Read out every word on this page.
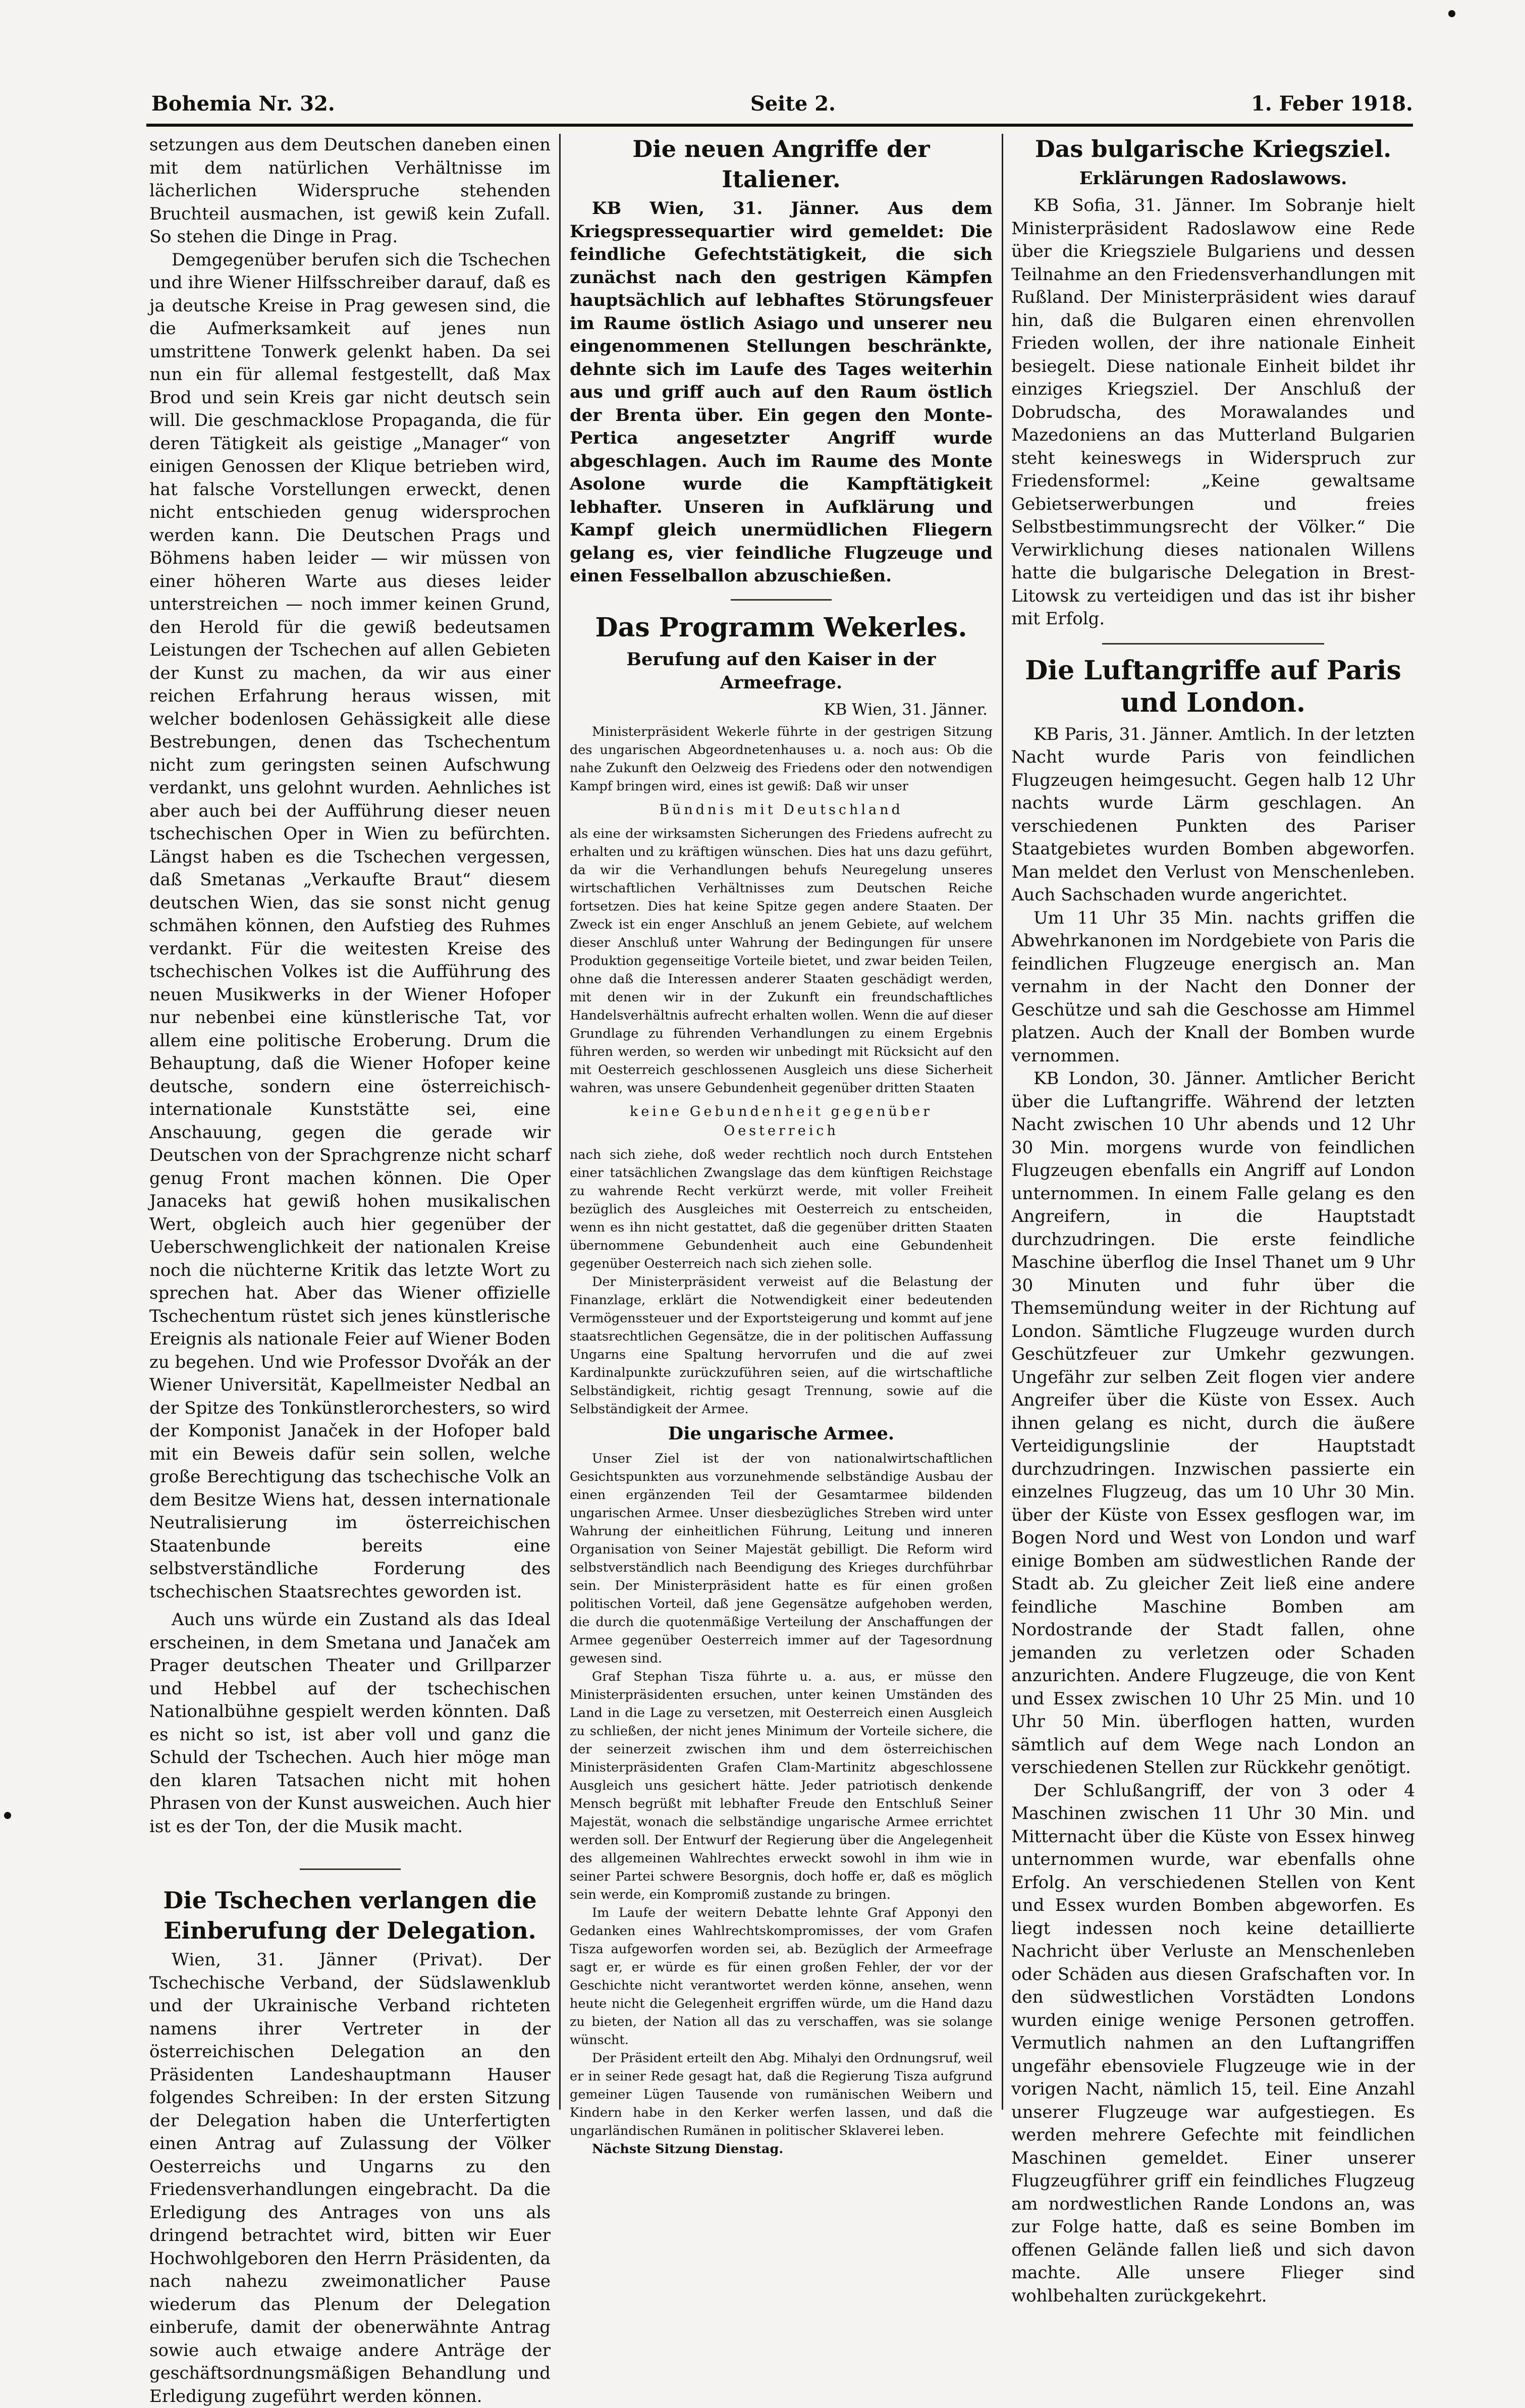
Bohemia Nr. 32.	Seite 2.	1. Feber 1918.

setzungen aus dem Deutschen daneben einen mit dem natürlichen Verhältnisse im lächerlichen Widerspruche stehenden Bruchteil ausmachen, ist gewiß kein Zufall. So stehen die Dinge in Prag.

Demgegenüber berufen sich die Tschechen und ihre Wiener Hilfsschreiber darauf, daß es ja deutsche Kreise in Prag gewesen sind, die die Aufmerksamkeit auf jenes nun umstrittene Tonwerk gelenkt haben. Da sei nun ein für allemal festgestellt, daß Max Brod und sein Kreis gar nicht deutsch sein will. Die geschmacklose Propaganda, die für deren Tätigkeit als geistige „Manager“ von einigen Genossen der Klique betrieben wird, hat falsche Vorstellungen erweckt, denen nicht entschieden genug widersprochen werden kann. Die Deutschen Prags und Böhmens haben leider — wir müssen von einer höheren Warte aus dieses leider unterstreichen — noch immer keinen Grund, den Herold für die gewiß bedeutsamen Leistungen der Tschechen auf allen Gebieten der Kunst zu machen, da wir aus einer reichen Erfahrung heraus wissen, mit welcher bodenlosen Gehässigkeit alle diese Bestrebungen, denen das Tschechentum nicht zum geringsten seinen Aufschwung verdankt, uns gelohnt wurden. Aehnliches ist aber auch bei der Aufführung dieser neuen tschechischen Oper in Wien zu befürchten. Längst haben es die Tschechen vergessen, daß Smetanas „Verkaufte Braut“ diesem deutschen Wien, das sie sonst nicht genug schmähen können, den Aufstieg des Ruhmes verdankt. Für die weitesten Kreise des tschechischen Volkes ist die Aufführung des neuen Musikwerks in der Wiener Hofoper nur nebenbei eine künstlerische Tat, vor allem eine politische Eroberung. Drum die Behauptung, daß die Wiener Hofoper keine deutsche, sondern eine österreichisch-internationale Kunststätte sei, eine Anschauung, gegen die gerade wir Deutschen von der Sprachgrenze nicht scharf genug Front machen können. Die Oper Janaceks hat gewiß hohen musikalischen Wert, obgleich auch hier gegenüber der Ueberschwenglichkeit der nationalen Kreise noch die nüchterne Kritik das letzte Wort zu sprechen hat. Aber das Wiener offizielle Tschechentum rüstet sich jenes künstlerische Ereignis als nationale Feier auf Wiener Boden zu begehen. Und wie Professor Dvořák an der Wiener Universität, Kapellmeister Nedbal an der Spitze des Tonkünstlerorchesters, so wird der Komponist Janaček in der Hofoper bald mit ein Beweis dafür sein sollen, welche große Berechtigung das tschechische Volk an dem Besitze Wiens hat, dessen internationale Neutralisierung im österreichischen Staatenbunde bereits eine selbstverständliche Forderung des tschechischen Staatsrechtes geworden ist.

Auch uns würde ein Zustand als das Ideal erscheinen, in dem Smetana und Janaček am Prager deutschen Theater und Grillparzer und Hebbel auf der tschechischen Nationalbühne gespielt werden könnten. Daß es nicht so ist, ist aber voll und ganz die Schuld der Tschechen. Auch hier möge man den klaren Tatsachen nicht mit hohen Phrasen von der Kunst ausweichen. Auch hier ist es der Ton, der die Musik macht.

Die Tschechen verlangen die Einberufung der Delegation.

Wien, 31. Jänner (Privat). Der Tschechische Verband, der Südslawenklub und der Ukrainische Verband richteten namens ihrer Vertreter in der österreichischen Delegation an den Präsidenten Landeshauptmann Hauser folgendes Schreiben: In der ersten Sitzung der Delegation haben die Unterfertigten einen Antrag auf Zulassung der Völker Oesterreichs und Ungarns zu den Friedensverhandlungen eingebracht. Da die Erledigung des Antrages von uns als dringend betrachtet wird, bitten wir Euer Hochwohlgeboren den Herrn Präsidenten, da nach nahezu zweimonatlicher Pause wiederum das Plenum der Delegation einberufe, damit der obenerwähnte Antrag sowie auch etwaige andere Anträge der geschäftsordnungsmäßigen Behandlung und Erledigung zugeführt werden können.

Die neuen Angriffe der Italiener.

KB Wien, 31. Jänner. Aus dem Kriegspressequartier wird gemeldet: Die feindliche Gefechtstätigkeit, die sich zunächst nach den gestrigen Kämpfen hauptsächlich auf lebhaftes Störungsfeuer im Raume östlich Asiago und unserer neu eingenommenen Stellungen beschränkte, dehnte sich im Laufe des Tages weiterhin aus und griff auch auf den Raum östlich der Brenta über. Ein gegen den Monte-Pertica angesetzter Angriff wurde abgeschlagen. Auch im Raume des Monte Asolone wurde die Kampftätigkeit lebhafter. Unseren in Aufklärung und Kampf gleich unermüdlichen Fliegern gelang es, vier feindliche Flugzeuge und einen Fesselballon abzuschießen.

Das Programm Wekerles.
Berufung auf den Kaiser in der Armeefrage.
KB Wien, 31. Jänner.

Ministerpräsident Wekerle führte in der gestrigen Sitzung des ungarischen Abgeordnetenhauses u. a. noch aus: Ob die nahe Zukunft den Oelzweig des Friedens oder den notwendigen Kampf bringen wird, eines ist gewiß: Daß wir unser

Bündnis mit Deutschland

als eine der wirksamsten Sicherungen des Friedens aufrecht zu erhalten und zu kräftigen wünschen. Dies hat uns dazu geführt, da wir die Verhandlungen behufs Neuregelung unseres wirtschaftlichen Verhältnisses zum Deutschen Reiche fortsetzen. Dies hat keine Spitze gegen andere Staaten. Der Zweck ist ein enger Anschluß an jenem Gebiete, auf welchem dieser Anschluß unter Wahrung der Bedingungen für unsere Produktion gegenseitige Vorteile bietet, und zwar beiden Teilen, ohne daß die Interessen anderer Staaten geschädigt werden, mit denen wir in der Zukunft ein freundschaftliches Handelsverhältnis aufrecht erhalten wollen. Wenn die auf dieser Grundlage zu führenden Verhandlungen zu einem Ergebnis führen werden, so werden wir unbedingt mit Rücksicht auf den mit Oesterreich geschlossenen Ausgleich uns diese Sicherheit wahren, was unsere Gebundenheit gegenüber dritten Staaten

keine Gebundenheit gegenüber Oesterreich

nach sich ziehe, doß weder rechtlich noch durch Entstehen einer tatsächlichen Zwangslage das dem künftigen Reichstage zu wahrende Recht verkürzt werde, mit voller Freiheit bezüglich des Ausgleiches mit Oesterreich zu entscheiden, wenn es ihn nicht gestattet, daß die gegenüber dritten Staaten übernommene Gebundenheit auch eine Gebundenheit gegenüber Oesterreich nach sich ziehen solle.

Der Ministerpräsident verweist auf die Belastung der Finanzlage, erklärt die Notwendigkeit einer bedeutenden Vermögenssteuer und der Exportsteigerung und kommt auf jene staatsrechtlichen Gegensätze, die in der politischen Auffassung Ungarns eine Spaltung hervorrufen und die auf zwei Kardinalpunkte zurückzuführen seien, auf die wirtschaftliche Selbständigkeit, richtig gesagt Trennung, sowie auf die Selbständigkeit der Armee.

Die ungarische Armee.

Unser Ziel ist der von nationalwirtschaftlichen Gesichtspunkten aus vorzunehmende selbständige Ausbau der einen ergänzenden Teil der Gesamtarmee bildenden ungarischen Armee. Unser diesbezügliches Streben wird unter Wahrung der einheitlichen Führung, Leitung und inneren Organisation von Seiner Majestät gebilligt. Die Reform wird selbstverständlich nach Beendigung des Krieges durchführbar sein. Der Ministerpräsident hatte es für einen großen politischen Vorteil, daß jene Gegensätze aufgehoben werden, die durch die quotenmäßige Verteilung der Anschaffungen der Armee gegenüber Oesterreich immer auf der Tagesordnung gewesen sind.

Graf Stephan Tisza führte u. a. aus, er müsse den Ministerpräsidenten ersuchen, unter keinen Umständen des Land in die Lage zu versetzen, mit Oesterreich einen Ausgleich zu schließen, der nicht jenes Minimum der Vorteile sichere, die der seinerzeit zwischen ihm und dem österreichischen Ministerpräsidenten Grafen Clam-Martinitz abgeschlossene Ausgleich uns gesichert hätte. Jeder patriotisch denkende Mensch begrüßt mit lebhafter Freude den Entschluß Seiner Majestät, wonach die selbständige ungarische Armee errichtet werden soll. Der Entwurf der Regierung über die Angelegenheit des allgemeinen Wahlrechtes erweckt sowohl in ihm wie in seiner Partei schwere Besorgnis, doch hoffe er, daß es möglich sein werde, ein Kompromiß zustande zu bringen.

Im Laufe der weitern Debatte lehnte Graf Apponyi den Gedanken eines Wahlrechtskompromisses, der vom Grafen Tisza aufgeworfen worden sei, ab. Bezüglich der Armeefrage sagt er, er würde es für einen großen Fehler, der vor der Geschichte nicht verantwortet werden könne, ansehen, wenn heute nicht die Gelegenheit ergriffen würde, um die Hand dazu zu bieten, der Nation all das zu verschaffen, was sie solange wünscht.

Der Präsident erteilt den Abg. Mihalyi den Ordnungsruf, weil er in seiner Rede gesagt hat, daß die Regierung Tisza aufgrund gemeiner Lügen Tausende von rumänischen Weibern und Kindern habe in den Kerker werfen lassen, und daß die ungarländischen Rumänen in politischer Sklaverei leben.

Nächste Sitzung Dienstag.

Das bulgarische Kriegsziel.
Erklärungen Radoslawows.

KB Sofia, 31. Jänner. Im Sobranje hielt Ministerpräsident Radoslawow eine Rede über die Kriegsziele Bulgariens und dessen Teilnahme an den Friedensverhandlungen mit Rußland. Der Ministerpräsident wies darauf hin, daß die Bulgaren einen ehrenvollen Frieden wollen, der ihre nationale Einheit besiegelt. Diese nationale Einheit bildet ihr einziges Kriegsziel. Der Anschluß der Dobrudscha, des Morawalandes und Mazedoniens an das Mutterland Bulgarien steht keineswegs in Widerspruch zur Friedensformel: „Keine gewaltsame Gebietserwerbungen und freies Selbstbestimmungsrecht der Völker.“ Die Verwirklichung dieses nationalen Willens hatte die bulgarische Delegation in Brest-Litowsk zu verteidigen und das ist ihr bisher mit Erfolg.

Die Luftangriffe auf Paris und London.

KB Paris, 31. Jänner. Amtlich. In der letzten Nacht wurde Paris von feindlichen Flugzeugen heimgesucht. Gegen halb 12 Uhr nachts wurde Lärm geschlagen. An verschiedenen Punkten des Pariser Staatgebietes wurden Bomben abgeworfen. Man meldet den Verlust von Menschenleben. Auch Sachschaden wurde angerichtet.

Um 11 Uhr 35 Min. nachts griffen die Abwehrkanonen im Nordgebiete von Paris die feindlichen Flugzeuge energisch an. Man vernahm in der Nacht den Donner der Geschütze und sah die Geschosse am Himmel platzen. Auch der Knall der Bomben wurde vernommen.

KB London, 30. Jänner. Amtlicher Bericht über die Luftangriffe. Während der letzten Nacht zwischen 10 Uhr abends und 12 Uhr 30 Min. morgens wurde von feindlichen Flugzeugen ebenfalls ein Angriff auf London unternommen. In einem Falle gelang es den Angreifern, in die Hauptstadt durchzudringen. Die erste feindliche Maschine überflog die Insel Thanet um 9 Uhr 30 Minuten und fuhr über die Themsemündung weiter in der Richtung auf London. Sämtliche Flugzeuge wurden durch Geschützfeuer zur Umkehr gezwungen. Ungefähr zur selben Zeit flogen vier andere Angreifer über die Küste von Essex. Auch ihnen gelang es nicht, durch die äußere Verteidigungslinie der Hauptstadt durchzudringen. Inzwischen passierte ein einzelnes Flugzeug, das um 10 Uhr 30 Min. über der Küste von Essex gesflogen war, im Bogen Nord und West von London und warf einige Bomben am südwestlichen Rande der Stadt ab. Zu gleicher Zeit ließ eine andere feindliche Maschine Bomben am Nordostrande der Stadt fallen, ohne jemanden zu verletzen oder Schaden anzurichten. Andere Flugzeuge, die von Kent und Essex zwischen 10 Uhr 25 Min. und 10 Uhr 50 Min. überflogen hatten, wurden sämtlich auf dem Wege nach London an verschiedenen Stellen zur Rückkehr genötigt.

Der Schlußangriff, der von 3 oder 4 Maschinen zwischen 11 Uhr 30 Min. und Mitternacht über die Küste von Essex hinweg unternommen wurde, war ebenfalls ohne Erfolg. An verschiedenen Stellen von Kent und Essex wurden Bomben abgeworfen. Es liegt indessen noch keine detaillierte Nachricht über Verluste an Menschenleben oder Schäden aus diesen Grafschaften vor. In den südwestlichen Vorstädten Londons wurden einige wenige Personen getroffen. Vermutlich nahmen an den Luftangriffen ungefähr ebensoviele Flugzeuge wie in der vorigen Nacht, nämlich 15, teil. Eine Anzahl unserer Flugzeuge war aufgestiegen. Es werden mehrere Gefechte mit feindlichen Maschinen gemeldet. Einer unserer Flugzeugführer griff ein feindliches Flugzeug am nordwestlichen Rande Londons an, was zur Folge hatte, daß es seine Bomben im offenen Gelände fallen ließ und sich davon machte. Alle unsere Flieger sind wohlbehalten zurückgekehrt.
